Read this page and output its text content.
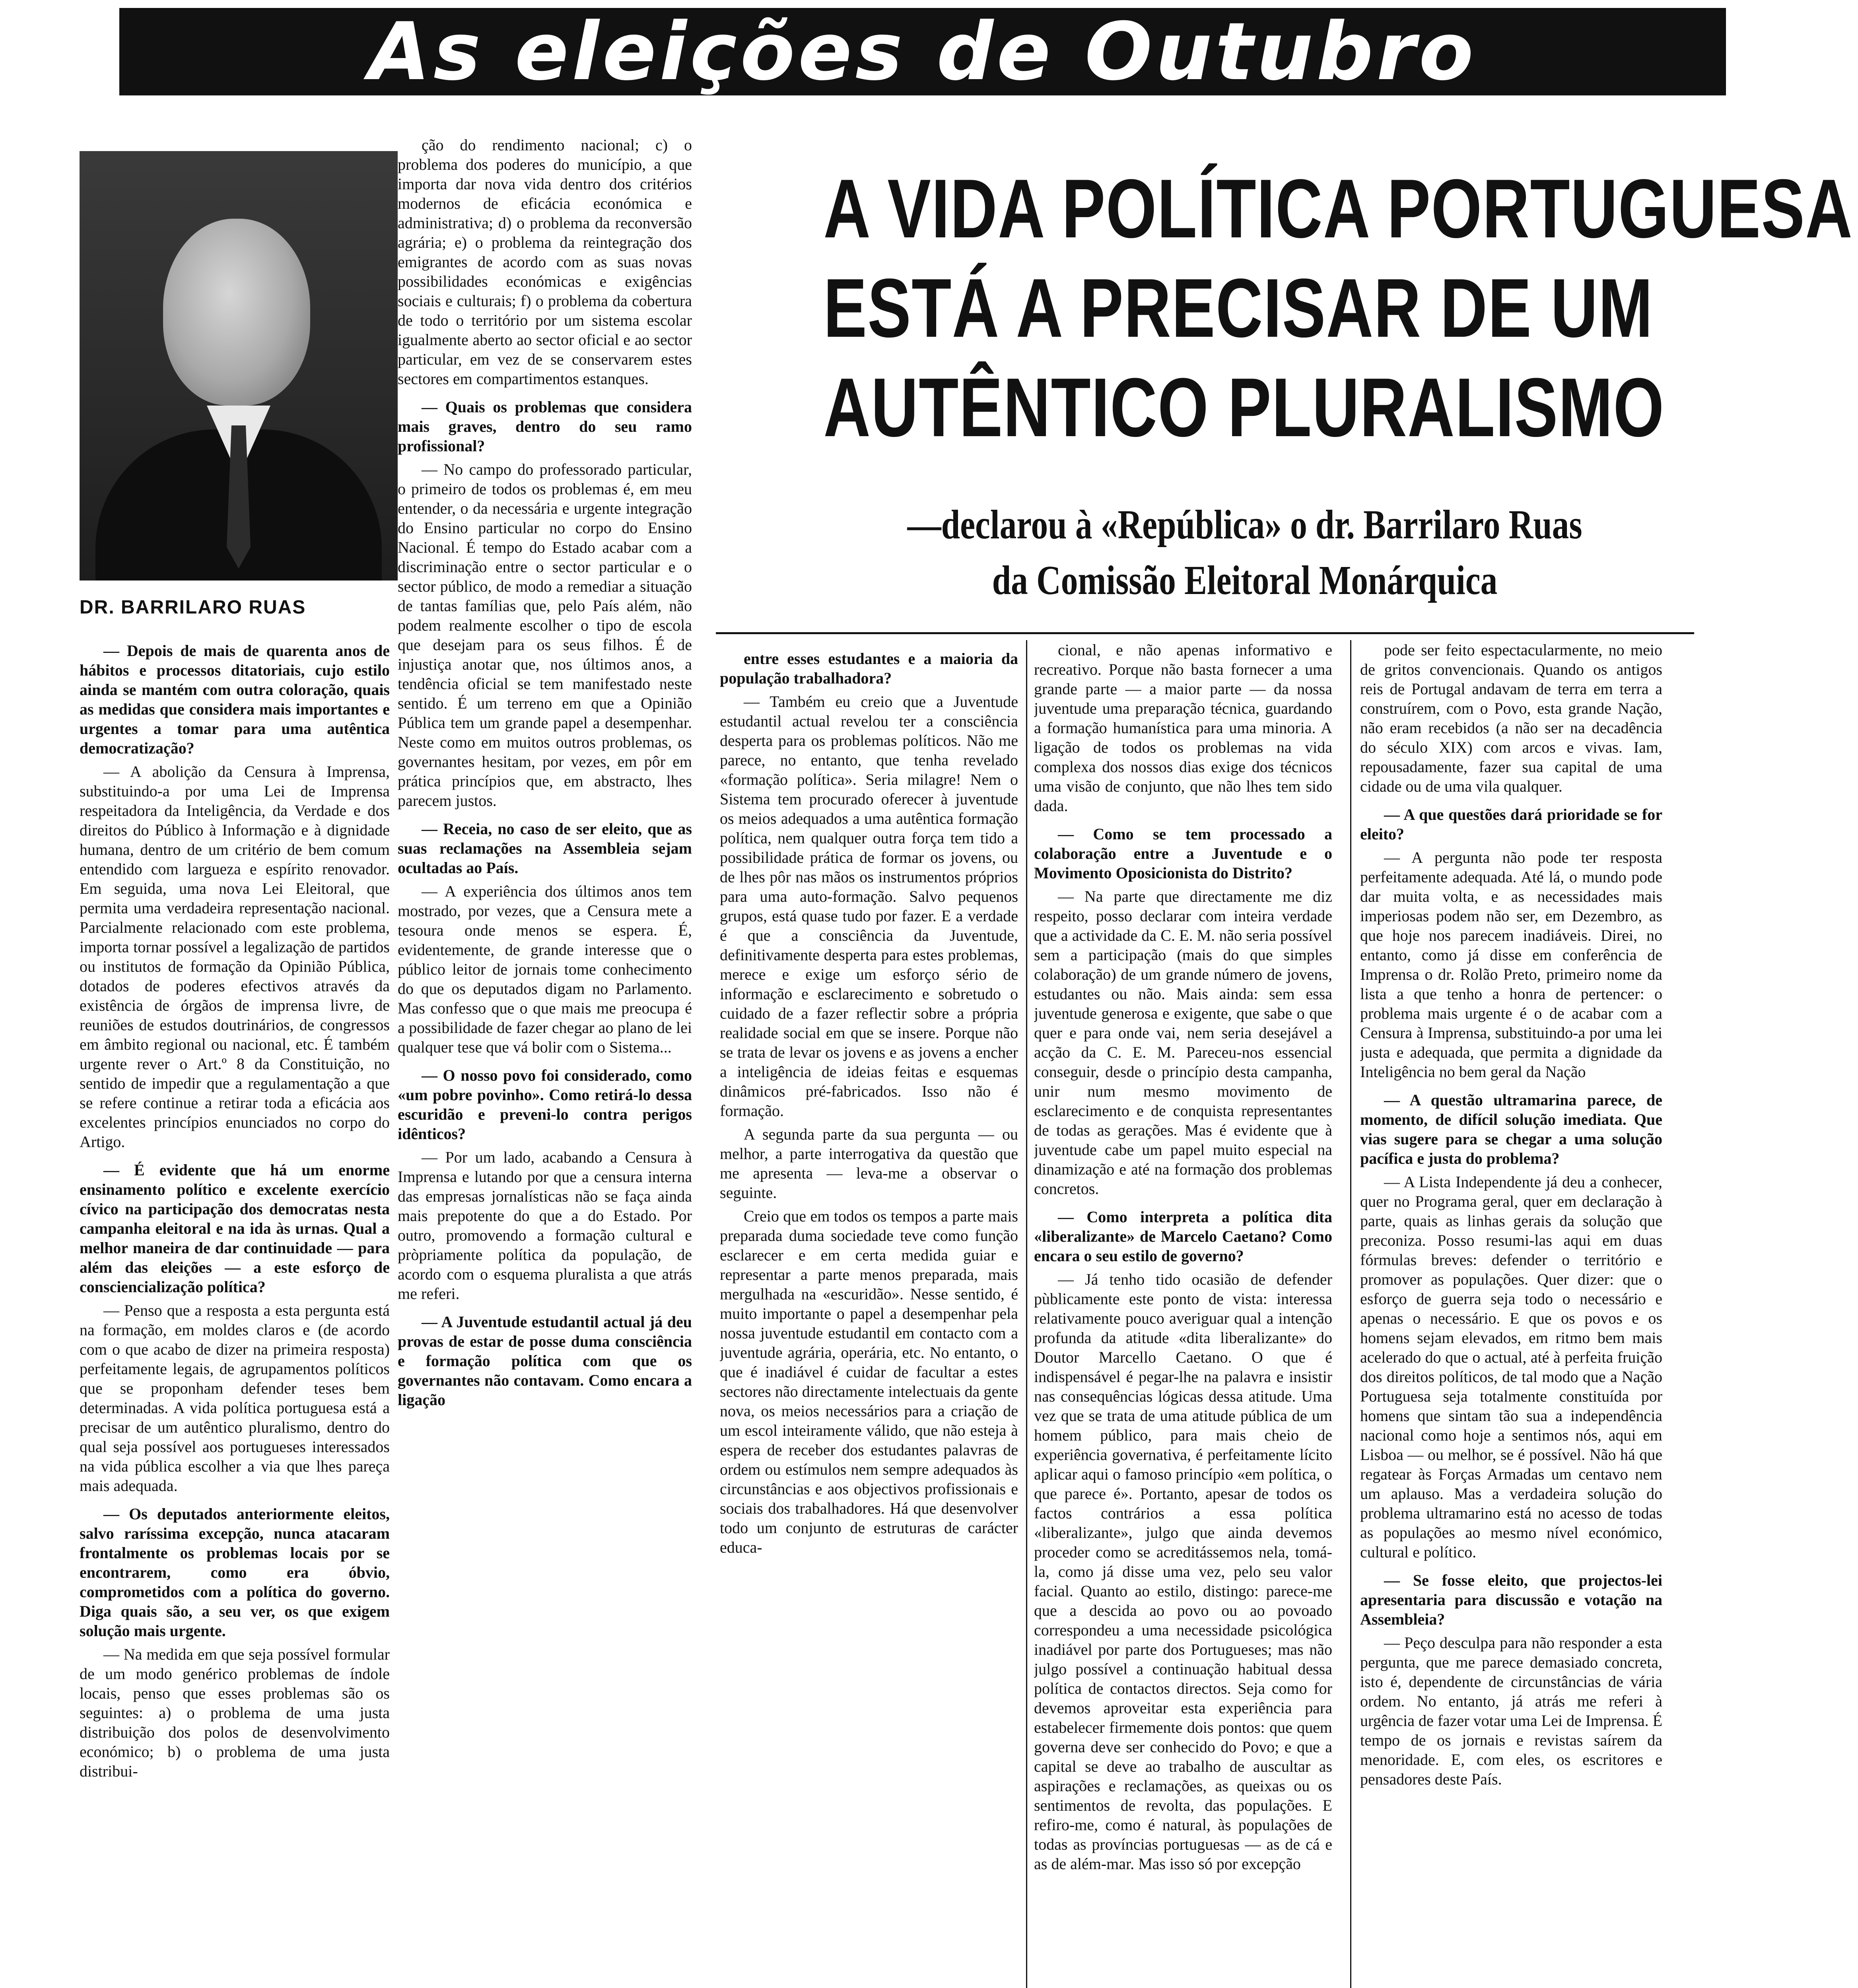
As eleições de Outubro
DR. BARRILARO RUAS
A VIDA POLÍTICA PORTUGUESA
ESTÁ A PRECISAR DE UM
AUTÊNTICO PLURALISMO
—declarou à «República» o dr. Barrilaro Ruas
da Comissão Eleitoral Monárquica

— Depois de mais de quarenta anos de hábitos e processos ditatoriais, cujo estilo ainda se mantém com outra coloração, quais as medidas que considera mais importantes e urgentes a tomar para uma autêntica democratização?

— A abolição da Censura à Imprensa, substituindo-a por uma Lei de Imprensa respeitadora da Inteligência, da Verdade e dos direitos do Público à Informação e à dignidade humana, dentro de um critério de bem comum entendido com largueza e espírito renovador. Em seguida, uma nova Lei Eleitoral, que permita uma verdadeira representação nacional. Parcialmente relacionado com este problema, importa tornar possível a legalização de partidos ou institutos de formação da Opinião Pública, dotados de poderes efectivos através da existência de órgãos de imprensa livre, de reuniões de estudos doutrinários, de congressos em âmbito regional ou nacional, etc. É também urgente rever o Art.º 8 da Constituição, no sentido de impedir que a regulamentação a que se refere continue a retirar toda a eficácia aos excelentes princípios enunciados no corpo do Artigo.

— É evidente que há um enorme ensinamento político e excelente exercício cívico na participação dos democratas nesta campanha eleitoral e na ida às urnas. Qual a melhor maneira de dar continuidade — para além das eleições — a este esforço de consciencialização política?

— Penso que a resposta a esta pergunta está na formação, em moldes claros e (de acordo com o que acabo de dizer na primeira resposta) perfeitamente legais, de agrupamentos políticos que se proponham defender teses bem determinadas. A vida política portuguesa está a precisar de um autêntico pluralismo, dentro do qual seja possível aos portugueses interessados na vida pública escolher a via que lhes pareça mais adequada.

— Os deputados anteriormente eleitos, salvo raríssima excepção, nunca atacaram frontalmente os problemas locais por se encontrarem, como era óbvio, comprometidos com a política do governo. Diga quais são, a seu ver, os que exigem solução mais urgente.

— Na medida em que seja possível formular de um modo genérico problemas de índole locais, penso que esses problemas são os seguintes: a) o problema de uma justa distribuição dos polos de desenvolvimento económico; b) o problema de uma justa distribui-

ção do rendimento nacional; c) o problema dos poderes do município, a que importa dar nova vida dentro dos critérios modernos de eficácia económica e administrativa; d) o problema da reconversão agrária; e) o problema da reintegração dos emigrantes de acordo com as suas novas possibilidades económicas e exigências sociais e culturais; f) o problema da cobertura de todo o território por um sistema escolar igualmente aberto ao sector oficial e ao sector particular, em vez de se conservarem estes sectores em compartimentos estanques.

— Quais os problemas que considera mais graves, dentro do seu ramo profissional?

— No campo do professorado particular, o primeiro de todos os problemas é, em meu entender, o da necessária e urgente integração do Ensino particular no corpo do Ensino Nacional. É tempo do Estado acabar com a discriminação entre o sector particular e o sector público, de modo a remediar a situação de tantas famílias que, pelo País além, não podem realmente escolher o tipo de escola que desejam para os seus filhos. É de injustiça anotar que, nos últimos anos, a tendência oficial se tem manifestado neste sentido. É um terreno em que a Opinião Pública tem um grande papel a desempenhar. Neste como em muitos outros problemas, os governantes hesitam, por vezes, em pôr em prática princípios que, em abstracto, lhes parecem justos.

— Receia, no caso de ser eleito, que as suas reclamações na Assembleia sejam ocultadas ao País.

— A experiência dos últimos anos tem mostrado, por vezes, que a Censura mete a tesoura onde menos se espera. É, evidentemente, de grande interesse que o público leitor de jornais tome conhecimento do que os deputados digam no Parlamento. Mas confesso que o que mais me preocupa é a possibilidade de fazer chegar ao plano de lei qualquer tese que vá bolir com o Sistema...

— O nosso povo foi considerado, como «um pobre povinho». Como retirá-lo dessa escuridão e preveni-lo contra perigos idênticos?

— Por um lado, acabando a Censura à Imprensa e lutando por que a censura interna das empresas jornalísticas não se faça ainda mais prepotente do que a do Estado. Por outro, promovendo a formação cultural e pròpriamente política da população, de acordo com o esquema pluralista a que atrás me referi.

— A Juventude estudantil actual já deu provas de estar de posse duma consciência e formação política com que os governantes não contavam. Como encara a ligação

entre esses estudantes e a maioria da população trabalhadora?

— Também eu creio que a Juventude estudantil actual revelou ter a consciência desperta para os problemas políticos. Não me parece, no entanto, que tenha revelado «formação política». Seria milagre! Nem o Sistema tem procurado oferecer à juventude os meios adequados a uma autêntica formação política, nem qualquer outra força tem tido a possibilidade prática de formar os jovens, ou de lhes pôr nas mãos os instrumentos próprios para uma auto-formação. Salvo pequenos grupos, está quase tudo por fazer. E a verdade é que a consciência da Juventude, definitivamente desperta para estes problemas, merece e exige um esforço sério de informação e esclarecimento e sobretudo o cuidado de a fazer reflectir sobre a própria realidade social em que se insere. Porque não se trata de levar os jovens e as jovens a encher a inteligência de ideias feitas e esquemas dinâmicos pré-fabricados. Isso não é formação.

A segunda parte da sua pergunta — ou melhor, a parte interrogativa da questão que me apresenta — leva-me a observar o seguinte.

Creio que em todos os tempos a parte mais preparada duma sociedade teve como função esclarecer e em certa medida guiar e representar a parte menos preparada, mais mergulhada na «escuridão». Nesse sentido, é muito importante o papel a desempenhar pela nossa juventude estudantil em contacto com a juventude agrária, operária, etc. No entanto, o que é inadiável é cuidar de facultar a estes sectores não directamente intelectuais da gente nova, os meios necessários para a criação de um escol inteiramente válido, que não esteja à espera de receber dos estudantes palavras de ordem ou estímulos nem sempre adequados às circunstâncias e aos objectivos profissionais e sociais dos trabalhadores. Há que desenvolver todo um conjunto de estruturas de carácter educa-

cional, e não apenas informativo e recreativo. Porque não basta fornecer a uma grande parte — a maior parte — da nossa juventude uma preparação técnica, guardando a formação humanística para uma minoria. A ligação de todos os problemas na vida complexa dos nossos dias exige dos técnicos uma visão de conjunto, que não lhes tem sido dada.

— Como se tem processado a colaboração entre a Juventude e o Movimento Oposicionista do Distrito?

— Na parte que directamente me diz respeito, posso declarar com inteira verdade que a actividade da C. E. M. não seria possível sem a participação (mais do que simples colaboração) de um grande número de jovens, estudantes ou não. Mais ainda: sem essa juventude generosa e exigente, que sabe o que quer e para onde vai, nem seria desejável a acção da C. E. M. Pareceu-nos essencial conseguir, desde o princípio desta campanha, unir num mesmo movimento de esclarecimento e de conquista representantes de todas as gerações. Mas é evidente que à juventude cabe um papel muito especial na dinamização e até na formação dos problemas concretos.

— Como interpreta a política dita «liberalizante» de Marcelo Caetano? Como encara o seu estilo de governo?

— Já tenho tido ocasião de defender pùblicamente este ponto de vista: interessa relativamente pouco averiguar qual a intenção profunda da atitude «dita liberalizante» do Doutor Marcello Caetano. O que é indispensável é pegar-lhe na palavra e insistir nas consequências lógicas dessa atitude. Uma vez que se trata de uma atitude pública de um homem público, para mais cheio de experiência governativa, é perfeitamente lícito aplicar aqui o famoso princípio «em política, o que parece é». Portanto, apesar de todos os factos contrários a essa política «liberalizante», julgo que ainda devemos proceder como se acreditássemos nela, tomá-la, como já disse uma vez, pelo seu valor facial. Quanto ao estilo, distingo: parece-me que a descida ao povo ou ao povoado correspondeu a uma necessidade psicológica inadiável por parte dos Portugueses; mas não julgo possível a continuação habitual dessa política de contactos directos. Seja como for devemos aproveitar esta experiência para estabelecer firmemente dois pontos: que quem governa deve ser conhecido do Povo; e que a capital se deve ao trabalho de auscultar as aspirações e reclamações, as queixas ou os sentimentos de revolta, das populações. E refiro-me, como é natural, às populações de todas as províncias portuguesas — as de cá e as de além-mar. Mas isso só por excepção

pode ser feito espectacularmente, no meio de gritos convencionais. Quando os antigos reis de Portugal andavam de terra em terra a construírem, com o Povo, esta grande Nação, não eram recebidos (a não ser na decadência do século XIX) com arcos e vivas. Iam, repousadamente, fazer sua capital de uma cidade ou de uma vila qualquer.

— A que questões dará prioridade se for eleito?

— A pergunta não pode ter resposta perfeitamente adequada. Até lá, o mundo pode dar muita volta, e as necessidades mais imperiosas podem não ser, em Dezembro, as que hoje nos parecem inadiáveis. Direi, no entanto, como já disse em conferência de Imprensa o dr. Rolão Preto, primeiro nome da lista a que tenho a honra de pertencer: o problema mais urgente é o de acabar com a Censura à Imprensa, substituindo-a por uma lei justa e adequada, que permita a dignidade da Inteligência no bem geral da Nação

— A questão ultramarina parece, de momento, de difícil solução imediata. Que vias sugere para se chegar a uma solução pacífica e justa do problema?

— A Lista Independente já deu a conhecer, quer no Programa geral, quer em declaração à parte, quais as linhas gerais da solução que preconiza. Posso resumi-las aqui em duas fórmulas breves: defender o território e promover as populações. Quer dizer: que o esforço de guerra seja todo o necessário e apenas o necessário. E que os povos e os homens sejam elevados, em ritmo bem mais acelerado do que o actual, até à perfeita fruição dos direitos políticos, de tal modo que a Nação Portuguesa seja totalmente constituída por homens que sintam tão sua a independência nacional como hoje a sentimos nós, aqui em Lisboa — ou melhor, se é possível. Não há que regatear às Forças Armadas um centavo nem um aplauso. Mas a verdadeira solução do problema ultramarino está no acesso de todas as populações ao mesmo nível económico, cultural e político.

— Se fosse eleito, que projectos-lei apresentaria para discussão e votação na Assembleia?

— Peço desculpa para não responder a esta pergunta, que me parece demasiado concreta, isto é, dependente de circunstâncias de vária ordem. No entanto, já atrás me referi à urgência de fazer votar uma Lei de Imprensa. É tempo de os jornais e revistas saírem da menoridade. E, com eles, os escritores e pensadores deste País.
